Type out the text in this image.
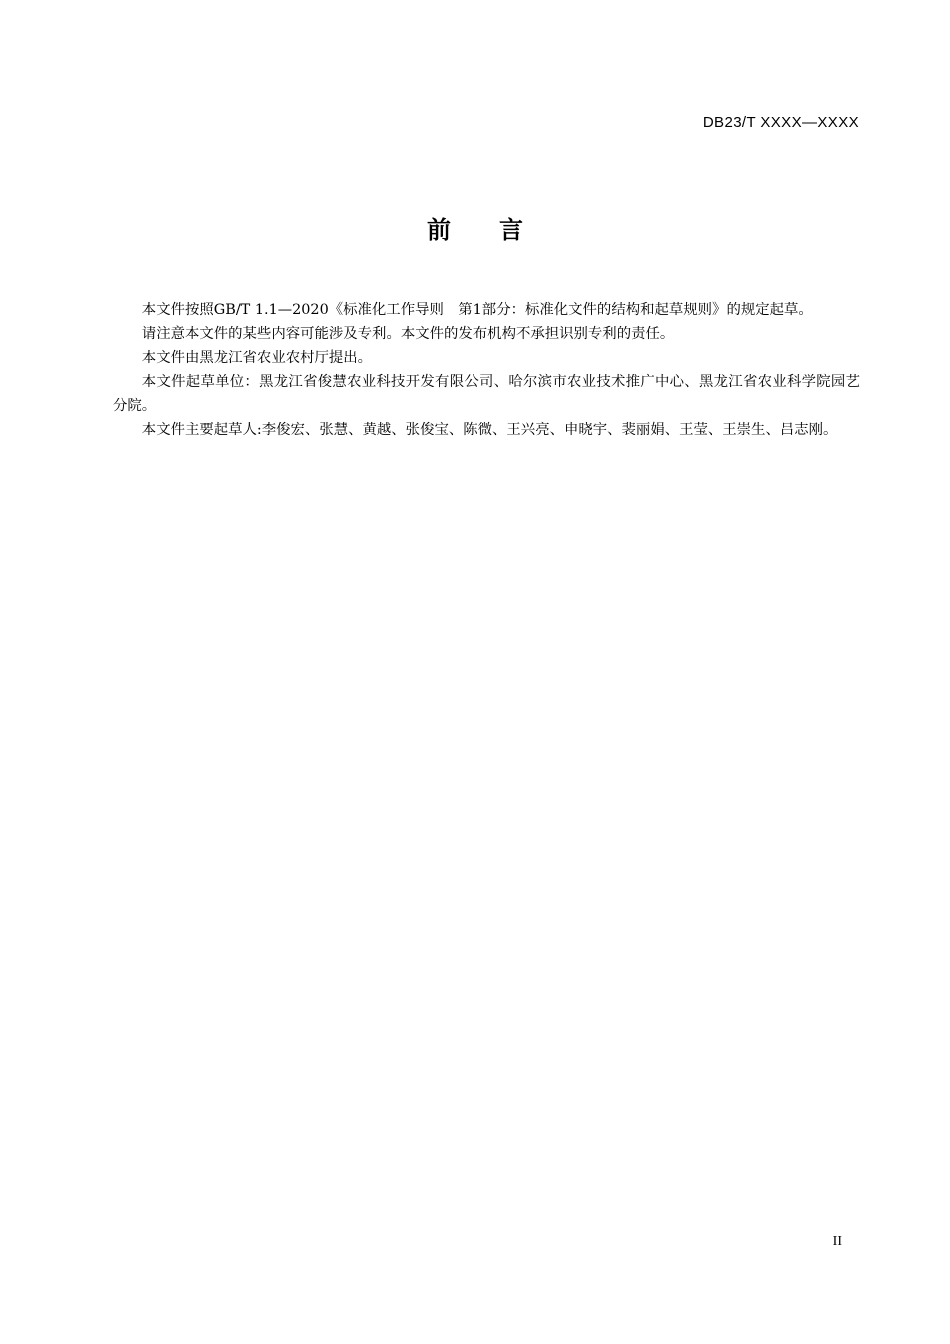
DB23/T XXXX—XXXX
前 言

本文件按照GB/T 1.1—2020《标准化工作导则　第1部分：标准化文件的结构和起草规则》的规定起草。

请注意本文件的某些内容可能涉及专利。本文件的发布机构不承担识别专利的责任。

本文件由黑龙江省农业农村厅提出。

本文件起草单位：黑龙江省俊慧农业科技开发有限公司、哈尔滨市农业技术推广中心、黑龙江省农业科学院园艺分院。

本文件主要起草人:李俊宏、张慧、黄越、张俊宝、陈微、王兴亮、申晓宇、裴丽娟、王莹、王崇生、吕志刚。

II
